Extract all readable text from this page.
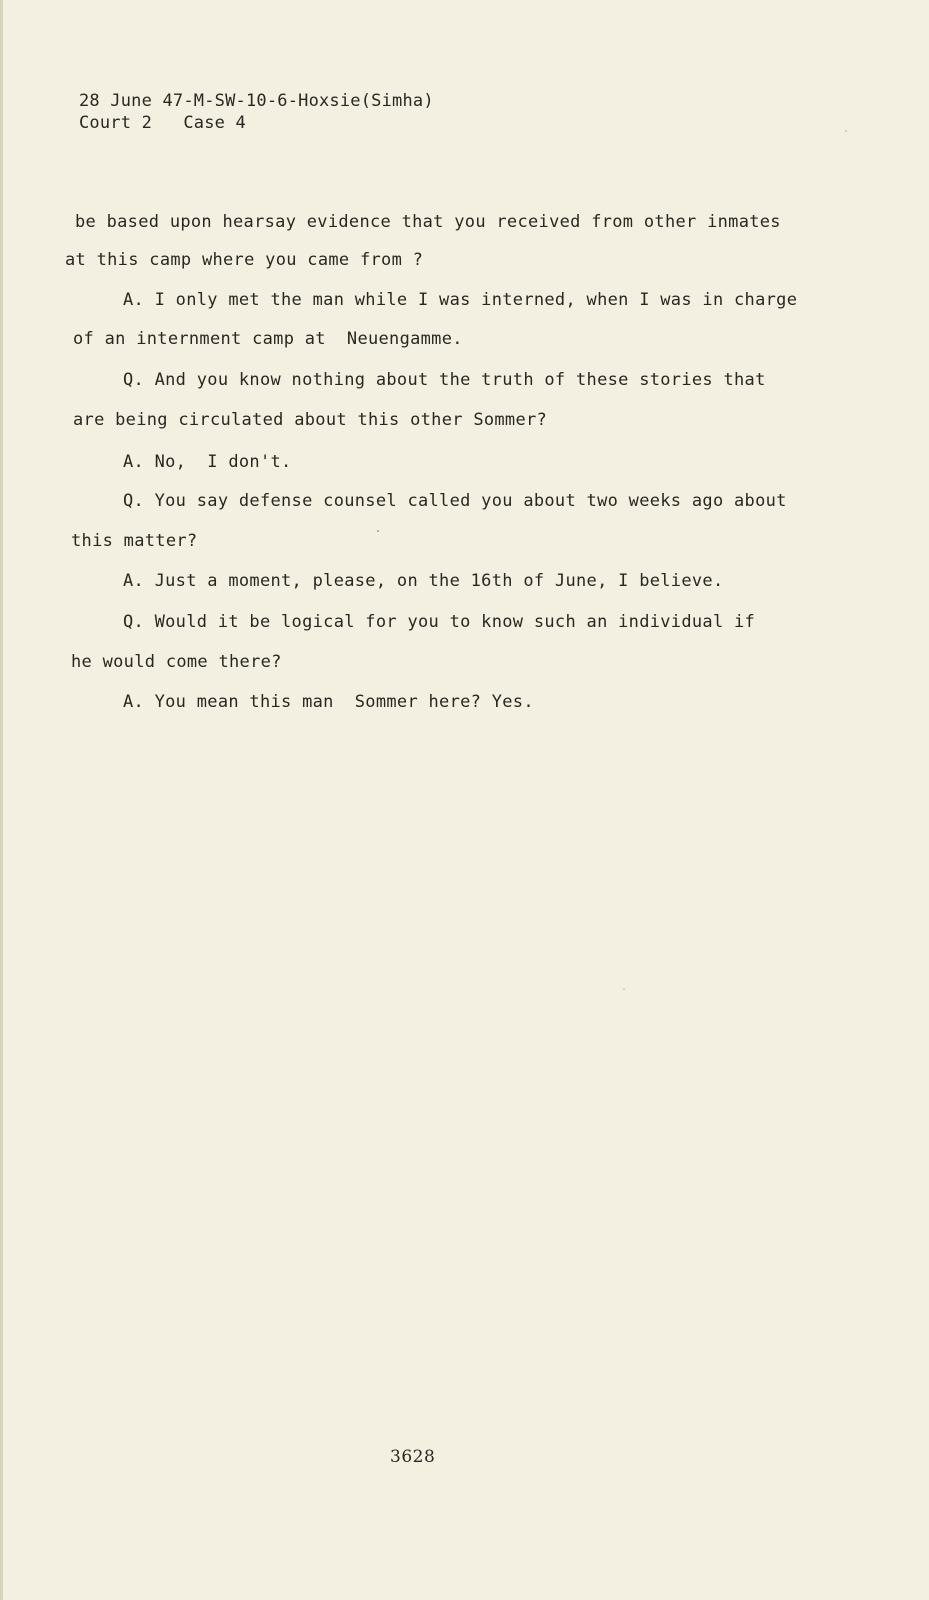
28 June 47-M-SW-10-6-Hoxsie(Simha)
Court 2   Case 4
be based upon hearsay evidence that you received from other inmates
at this camp where you came from ?
A. I only met the man while I was interned, when I was in charge
of an internment camp at  Neuengamme.
Q. And you know nothing about the truth of these stories that
are being circulated about this other Sommer?
A. No,  I don't.
Q. You say defense counsel called you about two weeks ago about
this matter?
A. Just a moment, please, on the 16th of June, I believe.
Q. Would it be logical for you to know such an individual if
he would come there?
A. You mean this man  Sommer here? Yes.
3628
